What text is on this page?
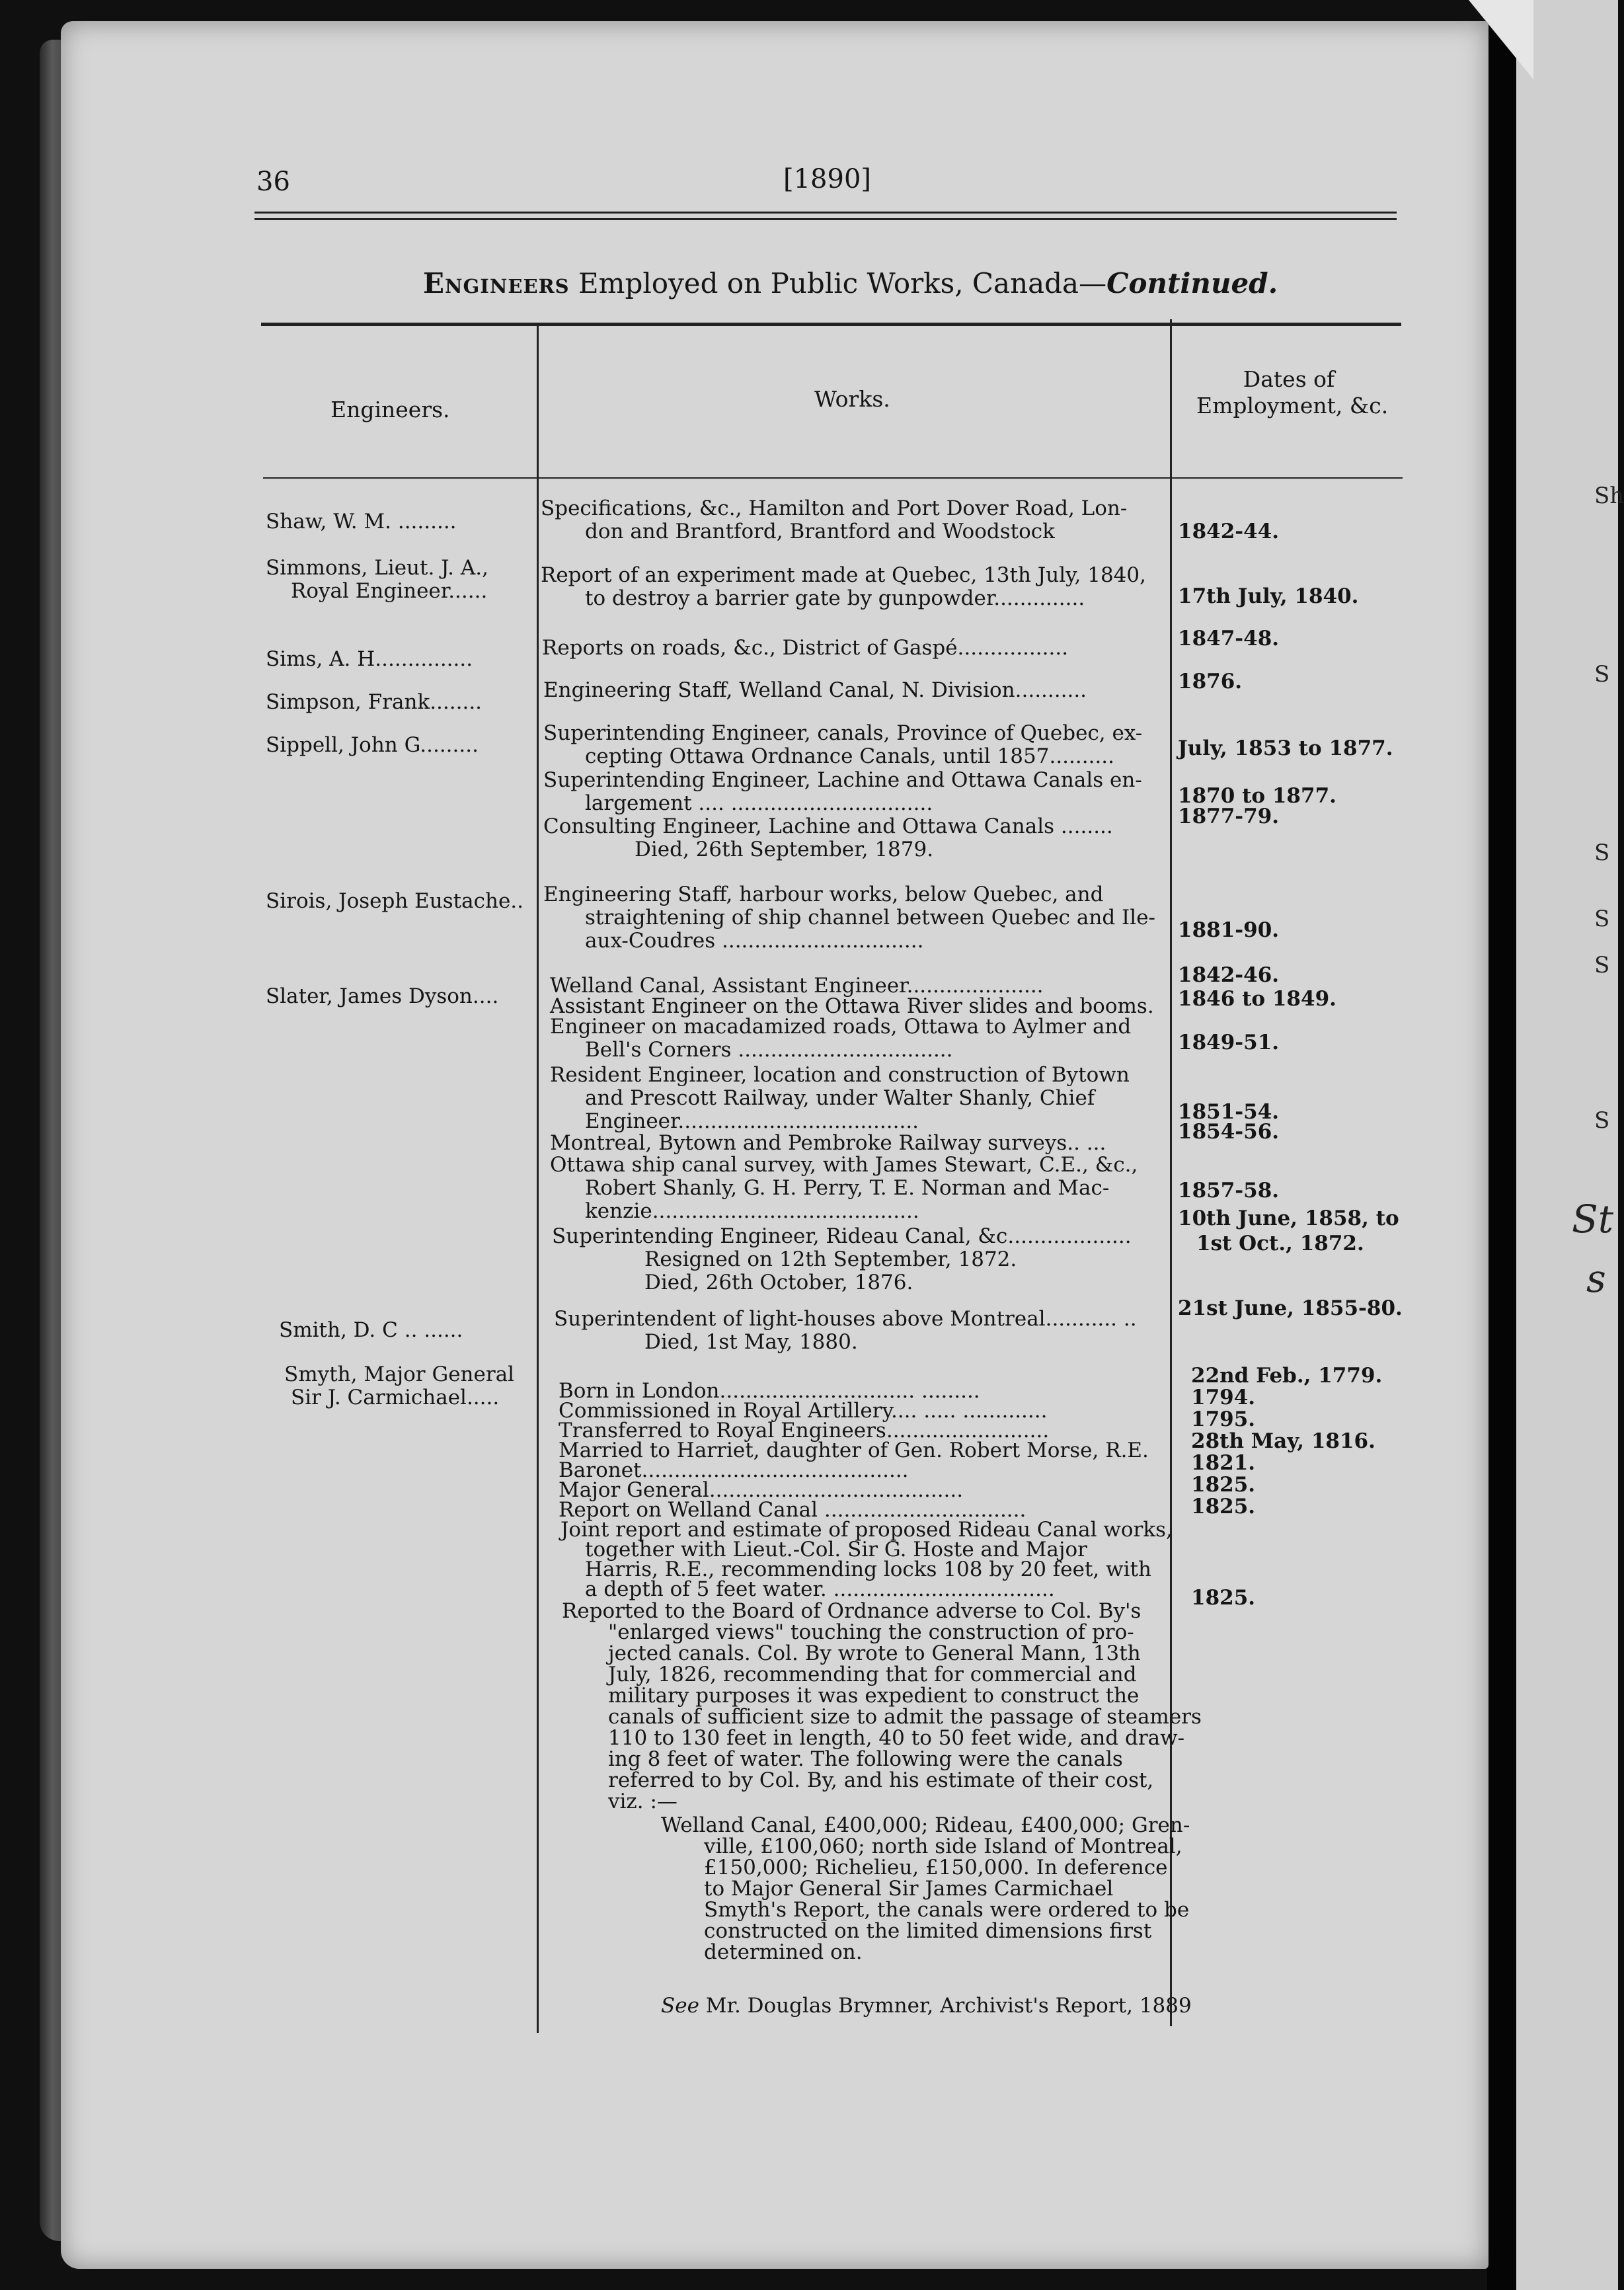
36	[1890]
Engineers Employed on Public Works, Canada—Continued.
Engineers.	Works.
Dates of
Employment, &c.
Shaw, W. M. .........
Simmons, Lieut. J. A.,
Royal Engineer......
Sims, A. H...............
Simpson, Frank........
Sippell, John G.........
Sirois, Joseph Eustache..
Slater, James Dyson....
Smith, D. C .. ......
Smyth, Major General
Sir J. Carmichael.....
Specifications, &c., Hamilton and Port Dover Road, Lon-
don and Brantford, Brantford and Woodstock
Report of an experiment made at Quebec, 13th July, 1840,
to destroy a barrier gate by gunpowder..............
Reports on roads, &c., District of Gaspé.................
Engineering Staff, Welland Canal, N. Division...........
Superintending Engineer, canals, Province of Quebec, ex-
cepting Ottawa Ordnance Canals, until 1857..........
Superintending Engineer, Lachine and Ottawa Canals en-
largement .... ...............................
Consulting Engineer, Lachine and Ottawa Canals ........
Died, 26th September, 1879.
Engineering Staff, harbour works, below Quebec, and
straightening of ship channel between Quebec and Ile-
aux-Coudres ...............................
Welland Canal, Assistant Engineer.....................
Assistant Engineer on the Ottawa River slides and booms.
Engineer on macadamized roads, Ottawa to Aylmer and
Bell's Corners .................................
Resident Engineer, location and construction of Bytown
and Prescott Railway, under Walter Shanly, Chief
Engineer.....................................
Montreal, Bytown and Pembroke Railway surveys.. ...
Ottawa ship canal survey, with James Stewart, C.E., &c.,
Robert Shanly, G. H. Perry, T. E. Norman and Mac-
kenzie.........................................
Superintending Engineer, Rideau Canal, &c...................
Resigned on 12th September, 1872.
Died, 26th October, 1876.
Superintendent of light-houses above Montreal........... ..
Died, 1st May, 1880.
Born in London.............................. .........
Commissioned in Royal Artillery.... ..... .............
Transferred to Royal Engineers.........................
Married to Harriet, daughter of Gen. Robert Morse, R.E.
Baronet.........................................
Major General.......................................
Report on Welland Canal ...............................
Joint report and estimate of proposed Rideau Canal works,
together with Lieut.-Col. Sir G. Hoste and Major
Harris, R.E., recommending locks 108 by 20 feet, with
a depth of 5 feet water. ..................................
Reported to the Board of Ordnance adverse to Col. By's
"enlarged views" touching the construction of pro-
jected canals. Col. By wrote to General Mann, 13th
July, 1826, recommending that for commercial and
military purposes it was expedient to construct the
canals of sufficient size to admit the passage of steamers
110 to 130 feet in length, 40 to 50 feet wide, and draw-
ing 8 feet of water. The following were the canals
referred to by Col. By, and his estimate of their cost,
viz. :—
Welland Canal, £400,000; Rideau, £400,000; Gren-
ville, £100,060; north side Island of Montreal,
£150,000; Richelieu, £150,000. In deference
to Major General Sir James Carmichael
Smyth's Report, the canals were ordered to be
constructed on the limited dimensions first
determined on.
See Mr. Douglas Brymner, Archivist's Report, 1889
1842-44.
17th July, 1840.
1847-48.
1876.
July, 1853 to 1877.
1870 to 1877.
1877-79.
1881-90.
1842-46.
1846 to 1849.
1849-51.
1851-54.
1854-56.
1857-58.
10th June, 1858, to
1st Oct., 1872.
21st June, 1855-80.
22nd Feb., 1779.
1794.
1795.
28th May, 1816.
1821.
1825.
1825.
1825.
Sh
S
S
S
S
S
St
s
